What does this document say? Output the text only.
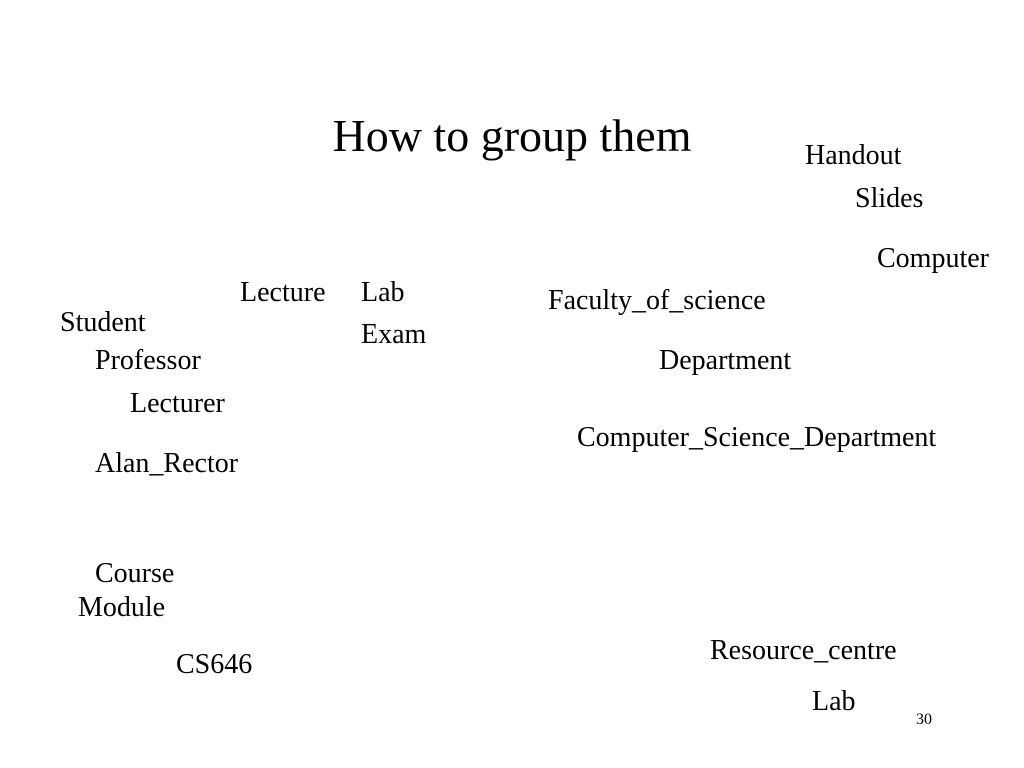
How to group them	Handout
Slides
Computer
Lecture Lab
Exam
Faculty_of_science
Student
Professor	Department
Lecturer
Computer_Science_Department
Alan_Rector
Course
Module
Resource_centre
CS646
Lab
30
